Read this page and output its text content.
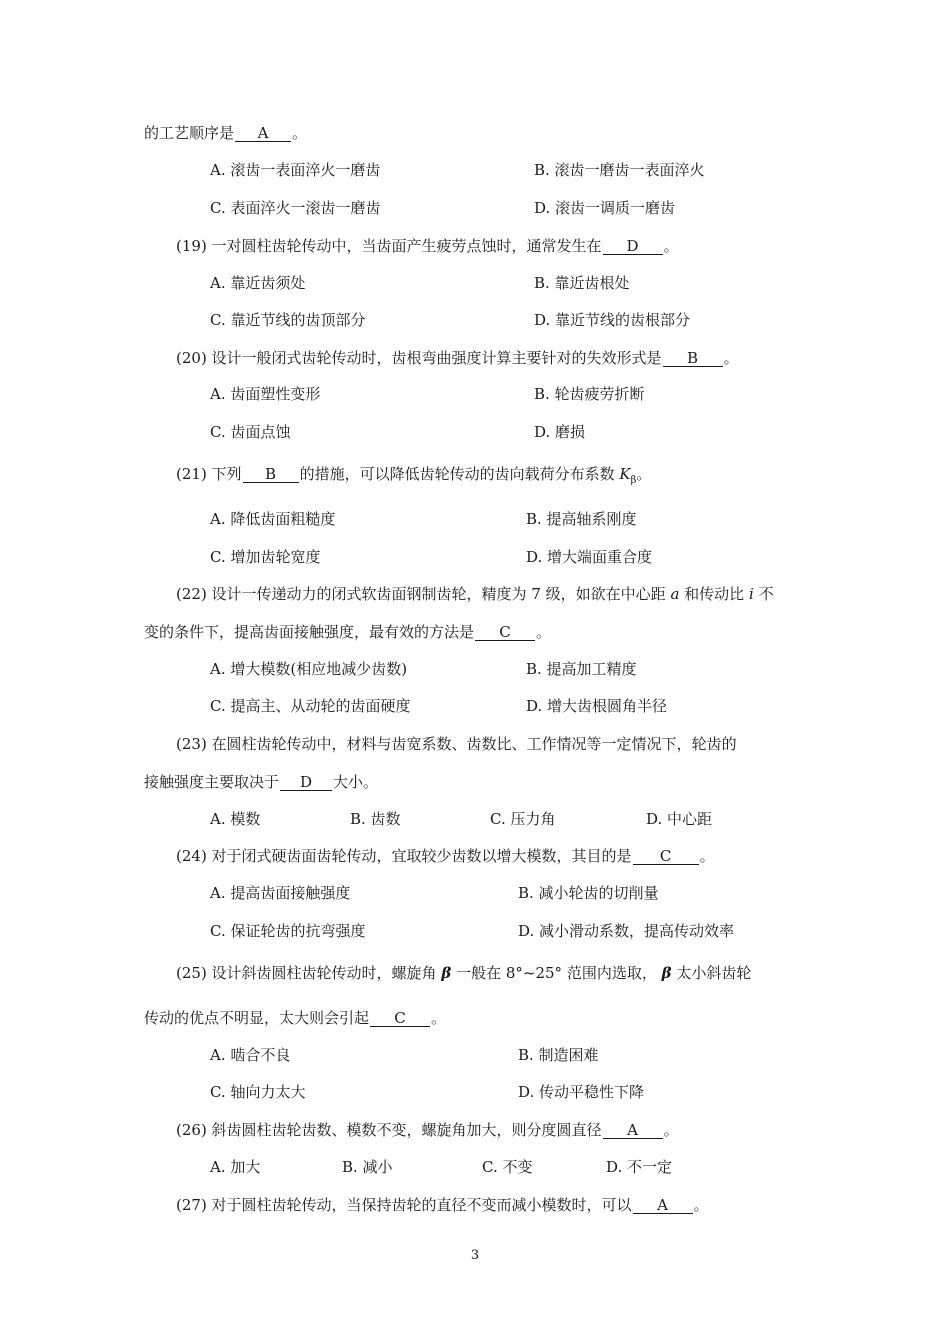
的工艺顺序是 A 。
A. 滚齿一表面淬火一磨齿	B. 滚齿一磨齿一表面淬火
C. 表面淬火一滚齿一磨齿	D. 滚齿一调质一磨齿
(19) 一对圆柱齿轮传动中，当齿面产生疲劳点蚀时，通常发生在 D 。
A. 靠近齿须处	B. 靠近齿根处
C. 靠近节线的齿顶部分	D. 靠近节线的齿根部分
(20) 设计一般闭式齿轮传动时，齿根弯曲强度计算主要针对的失效形式是 B 。
A. 齿面塑性变形	B. 轮齿疲劳折断
C. 齿面点蚀	D. 磨损
(21) 下列 B 的措施，可以降低齿轮传动的齿向载荷分布系数 $K_\beta$。
A. 降低齿面粗糙度	B. 提高轴系刚度
C. 增加齿轮宽度	D. 增大端面重合度
(22) 设计一传递动力的闭式软齿面钢制齿轮，精度为 7 级，如欲在中心距 a 和传动比 i 不
变的条件下，提高齿面接触强度，最有效的方法是 C 。
A. 增大模数(相应地减少齿数)	B. 提高加工精度
C. 提高主、从动轮的齿面硬度	D. 增大齿根圆角半径
(23) 在圆柱齿轮传动中，材料与齿宽系数、齿数比、工作情况等一定情况下，轮齿的
接触强度主要取决于 D 大小。
A. 模数	B. 齿数	C. 压力角	D. 中心距
(24) 对于闭式硬齿面齿轮传动，宜取较少齿数以增大模数，其目的是 C 。
A. 提高齿面接触强度	B. 减小轮齿的切削量
C. 保证轮齿的抗弯强度	D. 减小滑动系数，提高传动效率
(25) 设计斜齿圆柱齿轮传动时，螺旋角 β 一般在 8°~25° 范围内选取， β 太小斜齿轮
传动的优点不明显，太大则会引起 C 。
A. 啮合不良	B. 制造困难
C. 轴向力太大	D. 传动平稳性下降
(26) 斜齿圆柱齿轮齿数、模数不变，螺旋角加大，则分度圆直径 A 。
A. 加大	B. 减小	C. 不变	D. 不一定
(27) 对于圆柱齿轮传动，当保持齿轮的直径不变而减小模数时，可以 A 。
3
